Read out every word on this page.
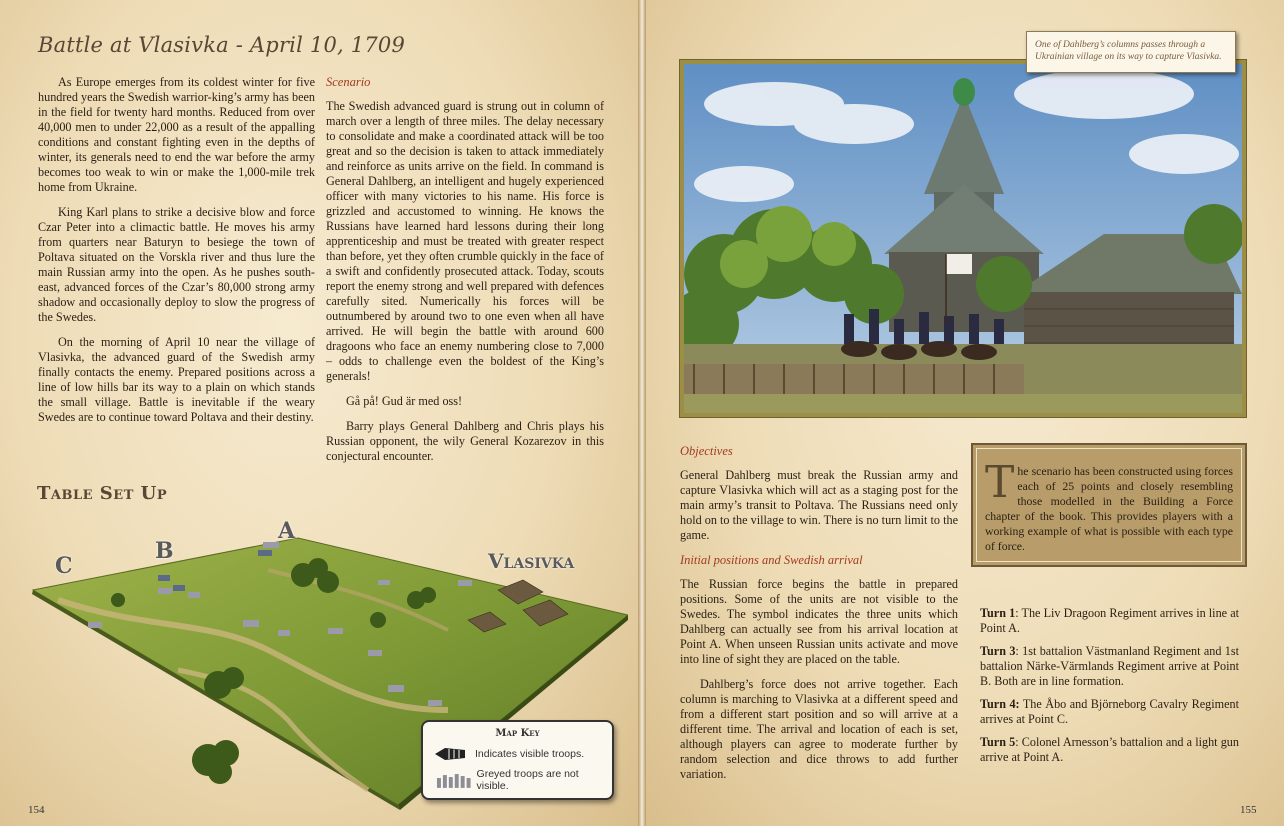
Battle at Vlasivka - April 10, 1709

As Europe emerges from its coldest winter for five hundred years the Swedish warrior-king’s army has been in the field for twenty hard months. Reduced from over 40,000 men to under 22,000 as a result of the appalling conditions and constant fighting even in the depths of winter, its generals need to end the war before the army becomes too weak to win or make the 1,000-mile trek home from Ukraine.

King Karl plans to strike a decisive blow and force Czar Peter into a climactic battle. He moves his army from quarters near Baturyn to besiege the town of Poltava situated on the Vorskla river and thus lure the main Russian army into the open. As he pushes south-east, advanced forces of the Czar’s 80,000 strong army shadow and occasionally deploy to slow the progress of the Swedes.

On the morning of April 10 near the village of Vlasivka, the advanced guard of the Swedish army finally contacts the enemy. Prepared positions across a line of low hills bar its way to a plain on which stands the small village. Battle is inevitable if the weary Swedes are to continue toward Poltava and their destiny.

Scenario

The Swedish advanced guard is strung out in column of march over a length of three miles. The delay necessary to consolidate and make a coordinated attack will be too great and so the decision is taken to attack immediately and reinforce as units arrive on the field. In command is General Dahlberg, an intelligent and hugely experienced officer with many victories to his name. His force is grizzled and accustomed to winning. He knows the Russians have learned hard lessons during their long apprenticeship and must be treated with greater respect than before, yet they often crumble quickly in the face of a swift and confidently prosecuted attack. Today, scouts report the enemy strong and well prepared with defences carefully sited. Numerically his forces will be outnumbered by around two to one even when all have arrived. He will begin the battle with around 600 dragoons who face an enemy numbering close to 7,000 – odds to challenge even the boldest of the King’s generals!

Gå på! Gud är med oss!

Barry plays General Dahlberg and Chris plays his Russian opponent, the wily General Kozarezov in this conjectural encounter.

Table Set Up
C
B
A
Vlasivka
Map Key
Indicates visible troops.
Greyed troops are not visible.
154
One of Dahlberg’s columns passes through a Ukrainian village on its way to capture Vlasivka.
Objectives

General Dahlberg must break the Russian army and capture Vlasivka which will act as a staging post for the main army’s transit to Poltava. The Russians need only hold on to the village to win. There is no turn limit to the game.

Initial positions and Swedish arrival

The Russian force begins the battle in prepared positions. Some of the units are not visible to the Swedes. The symbol indicates the three units which Dahlberg can actually see from his arrival location at Point A. When unseen Russian units activate and move into line of sight they are placed on the table.

Dahlberg’s force does not arrive together. Each column is marching to Vlasivka at a different speed and from a different start position and so will arrive at a different time. The arrival and location of each is set, although players can agree to moderate further by random selection and dice throws to add further variation.

The scenario has been constructed using forces each of 25 points and closely resembling those modelled in the Building a Force chapter of the book. This provides players with a working example of what is possible with each type of force.

Turn 1: The Liv Dragoon Regiment arrives in line at Point A.

Turn 3: 1st battalion Västmanland Regiment and 1st battalion Närke-Värmlands Regiment arrive at Point B. Both are in line formation.

Turn 4: The Åbo and Björneborg Cavalry Regiment arrives at Point C.

Turn 5: Colonel Arnesson’s battalion and a light gun arrive at Point A.

155
